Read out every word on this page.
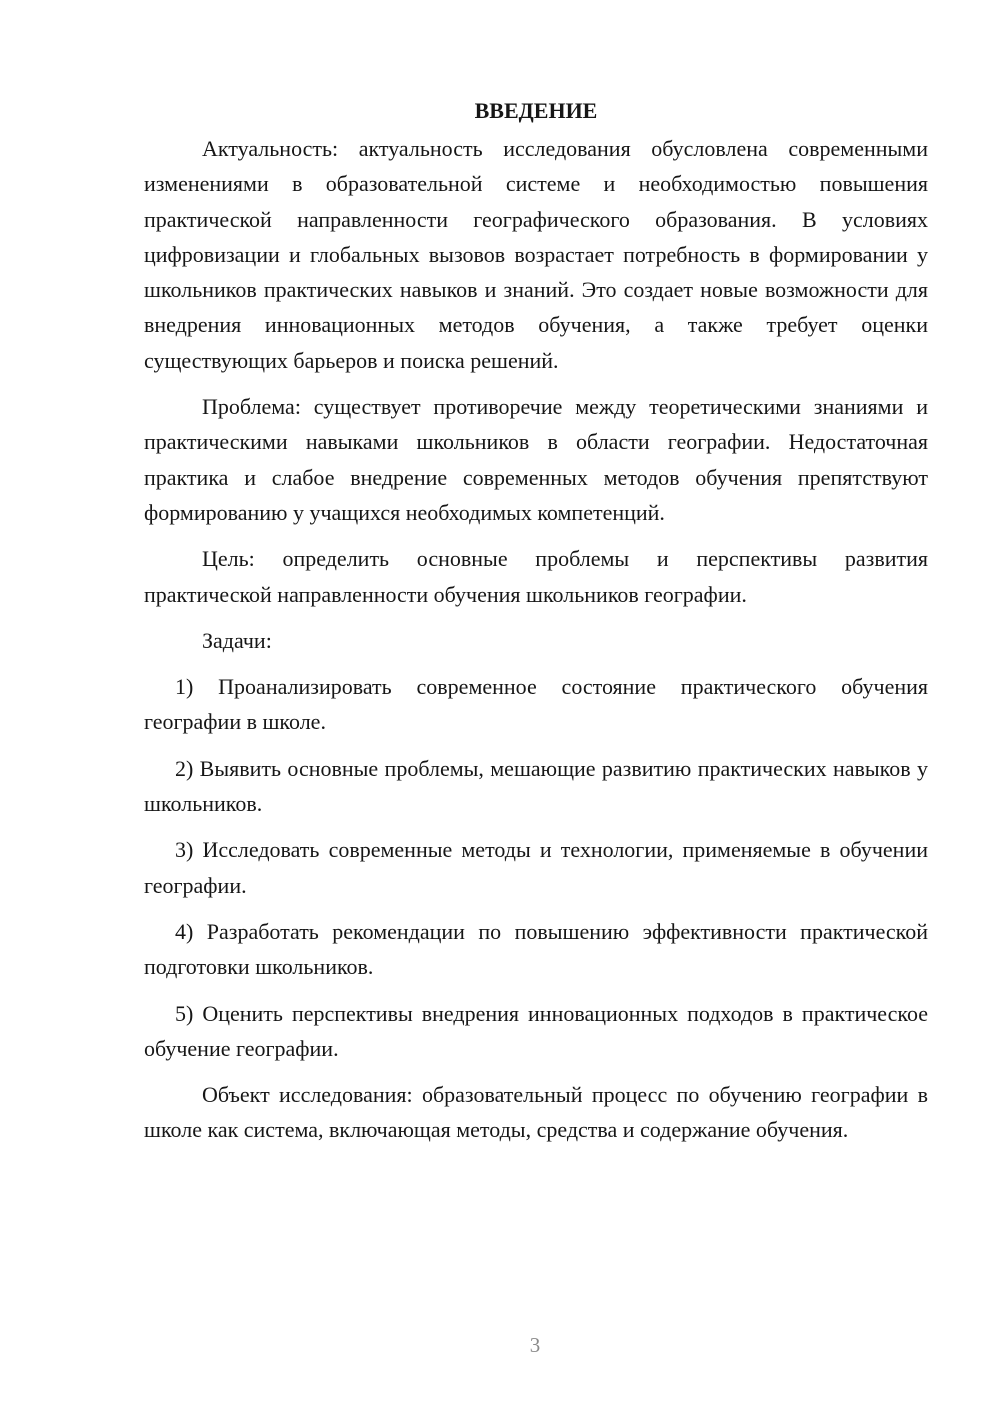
ВВЕДЕНИЕ

Актуальность: актуальность исследования обусловлена современными изменениями в образовательной системе и необходимостью повышения практической направленности географического образования. В условиях цифровизации и глобальных вызовов возрастает потребность в формировании у школьников практических навыков и знаний. Это создает новые возможности для внедрения инновационных методов обучения, а также требует оценки существующих барьеров и поиска решений.

Проблема: существует противоречие между теоретическими знаниями и практическими навыками школьников в области географии. Недостаточная практика и слабое внедрение современных методов обучения препятствуют формированию у учащихся необходимых компетенций.

Цель: определить основные проблемы и перспективы развития практической направленности обучения школьников географии.

Задачи:

1) Проанализировать современное состояние практического обучения географии в школе.

2) Выявить основные проблемы, мешающие развитию практических навыков у школьников.

3) Исследовать современные методы и технологии, применяемые в обучении географии.

4) Разработать рекомендации по повышению эффективности практической подготовки школьников.

5) Оценить перспективы внедрения инновационных подходов в практическое обучение географии.

Объект исследования: образовательный процесс по обучению географии в школе как система, включающая методы, средства и содержание обучения.

3
